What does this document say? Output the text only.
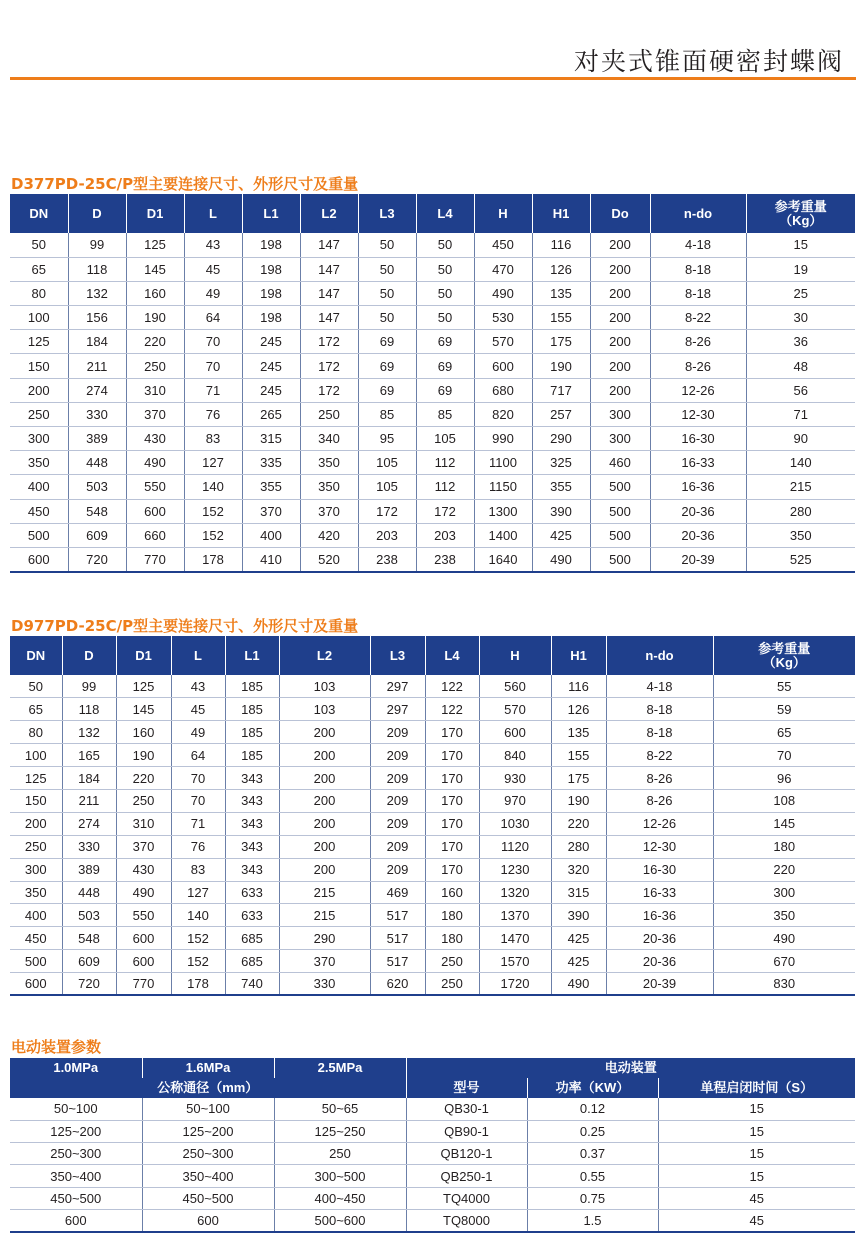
对夹式锥面硬密封蝶阀
D377PD-25C/P型主要连接尺寸、外形尺寸及重量
DN	D	D1	L	L1	L2	L3	L4	H	H1	Do	n-do	参考重量
（Kg）
50	99	125	43	198	147	50	50	450	116	200	4-18	15
65	118	145	45	198	147	50	50	470	126	200	8-18	19
80	132	160	49	198	147	50	50	490	135	200	8-18	25
100	156	190	64	198	147	50	50	530	155	200	8-22	30
125	184	220	70	245	172	69	69	570	175	200	8-26	36
150	211	250	70	245	172	69	69	600	190	200	8-26	48
200	274	310	71	245	172	69	69	680	717	200	12-26	56
250	330	370	76	265	250	85	85	820	257	300	12-30	71
300	389	430	83	315	340	95	105	990	290	300	16-30	90
350	448	490	127	335	350	105	112	1100	325	460	16-33	140
400	503	550	140	355	350	105	112	1150	355	500	16-36	215
450	548	600	152	370	370	172	172	1300	390	500	20-36	280
500	609	660	152	400	420	203	203	1400	425	500	20-36	350
600	720	770	178	410	520	238	238	1640	490	500	20-39	525
D977PD-25C/P型主要连接尺寸、外形尺寸及重量
DN	D	D1	L	L1	L2	L3	L4	H	H1	n-do	参考重量
（Kg）
50	99	125	43	185	103	297	122	560	116	4-18	55
65	118	145	45	185	103	297	122	570	126	8-18	59
80	132	160	49	185	200	209	170	600	135	8-18	65
100	165	190	64	185	200	209	170	840	155	8-22	70
125	184	220	70	343	200	209	170	930	175	8-26	96
150	211	250	70	343	200	209	170	970	190	8-26	108
200	274	310	71	343	200	209	170	1030	220	12-26	145
250	330	370	76	343	200	209	170	1120	280	12-30	180
300	389	430	83	343	200	209	170	1230	320	16-30	220
350	448	490	127	633	215	469	160	1320	315	16-33	300
400	503	550	140	633	215	517	180	1370	390	16-36	350
450	548	600	152	685	290	517	180	1470	425	20-36	490
500	609	600	152	685	370	517	250	1570	425	20-36	670
600	720	770	178	740	330	620	250	1720	490	20-39	830
电动装置参数
1.0MPa	1.6MPa	2.5MPa	电动装置		
公称通径（mm）			型号	功率（KW）	单程启闭时间（S）
50~100	50~100	50~65	QB30-1	0.12	15
125~200	125~200	125~250	QB90-1	0.25	15
250~300	250~300	250	QB120-1	0.37	15
350~400	350~400	300~500	QB250-1	0.55	15
450~500	450~500	400~450	TQ4000	0.75	45
600	600	500~600	TQ8000	1.5	45
